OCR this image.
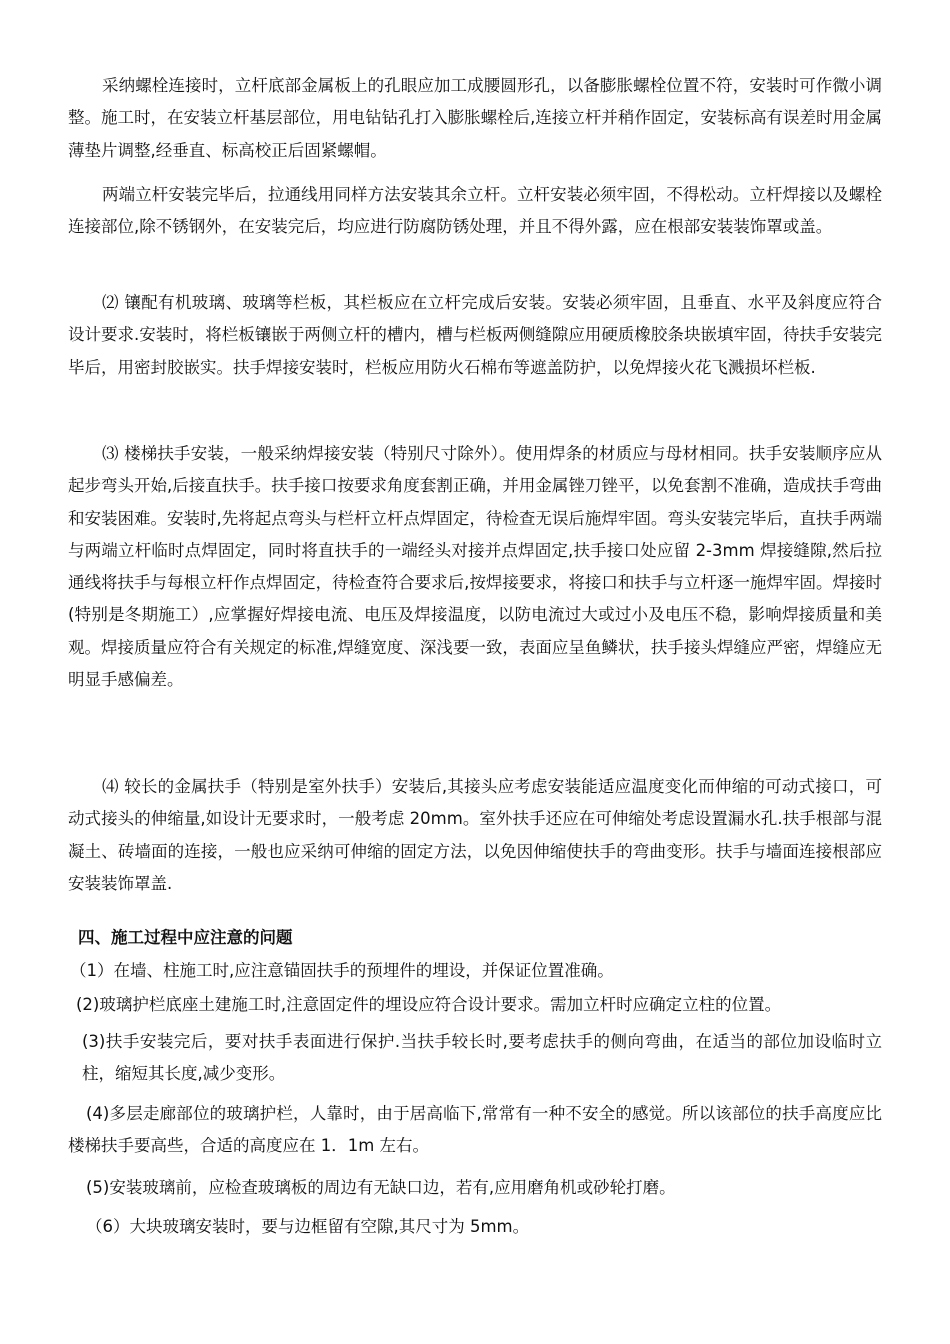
采纳螺栓连接时，立杆底部金属板上的孔眼应加工成腰圆形孔，以备膨胀螺栓位置不符，安装时可作微小调整。施工时，在安装立杆基层部位，用电钻钻孔打入膨胀螺栓后,连接立杆并稍作固定，安装标高有误差时用金属薄垫片调整,经垂直、标高校正后固紧螺帽。

两端立杆安装完毕后，拉通线用同样方法安装其余立杆。立杆安装必须牢固，不得松动。立杆焊接以及螺栓连接部位,除不锈钢外，在安装完后，均应进行防腐防锈处理，并且不得外露，应在根部安装装饰罩或盖。

⑵ 镶配有机玻璃、玻璃等栏板，其栏板应在立杆完成后安装。安装必须牢固，且垂直、水平及斜度应符合设计要求.安装时，将栏板镶嵌于两侧立杆的槽内，槽与栏板两侧缝隙应用硬质橡胶条块嵌填牢固，待扶手安装完毕后，用密封胶嵌实。扶手焊接安装时，栏板应用防火石棉布等遮盖防护，以免焊接火花飞溅损坏栏板.

⑶ 楼梯扶手安装，一般采纳焊接安装（特别尺寸除外）。使用焊条的材质应与母材相同。扶手安装顺序应从起步弯头开始,后接直扶手。扶手接口按要求角度套割正确，并用金属锉刀锉平，以免套割不准确，造成扶手弯曲和安装困难。安装时,先将起点弯头与栏杆立杆点焊固定，待检查无误后施焊牢固。弯头安装完毕后，直扶手两端与两端立杆临时点焊固定，同时将直扶手的一端经头对接并点焊固定,扶手接口处应留 2-3mm 焊接缝隙,然后拉通线将扶手与每根立杆作点焊固定，待检查符合要求后,按焊接要求，将接口和扶手与立杆逐一施焊牢固。焊接时(特别是冬期施工）,应掌握好焊接电流、电压及焊接温度，以防电流过大或过小及电压不稳，影响焊接质量和美观。焊接质量应符合有关规定的标准,焊缝宽度、深浅要一致，表面应呈鱼鳞状，扶手接头焊缝应严密，焊缝应无明显手感偏差。

⑷ 较长的金属扶手（特别是室外扶手）安装后,其接头应考虑安装能适应温度变化而伸缩的可动式接口，可动式接头的伸缩量,如设计无要求时，一般考虑 20mm。室外扶手还应在可伸缩处考虑设置漏水孔.扶手根部与混凝土、砖墙面的连接，一般也应采纳可伸缩的固定方法，以免因伸缩使扶手的弯曲变形。扶手与墙面连接根部应安装装饰罩盖.

四、施工过程中应注意的问题

（1）在墙、柱施工时,应注意锚固扶手的预埋件的埋设，并保证位置准确。

(2)玻璃护栏底座土建施工时,注意固定件的埋设应符合设计要求。需加立杆时应确定立柱的位置。

(3)扶手安装完后，要对扶手表面进行保护.当扶手较长时,要考虑扶手的侧向弯曲，在适当的部位加设临时立柱，缩短其长度,减少变形。

(4)多层走廊部位的玻璃护栏，人靠时，由于居高临下,常常有一种不安全的感觉。所以该部位的扶手高度应比楼梯扶手要高些，合适的高度应在 1．1m 左右。

(5)安装玻璃前，应检查玻璃板的周边有无缺口边，若有,应用磨角机或砂轮打磨。

（6）大块玻璃安装时，要与边框留有空隙,其尺寸为 5mm。
